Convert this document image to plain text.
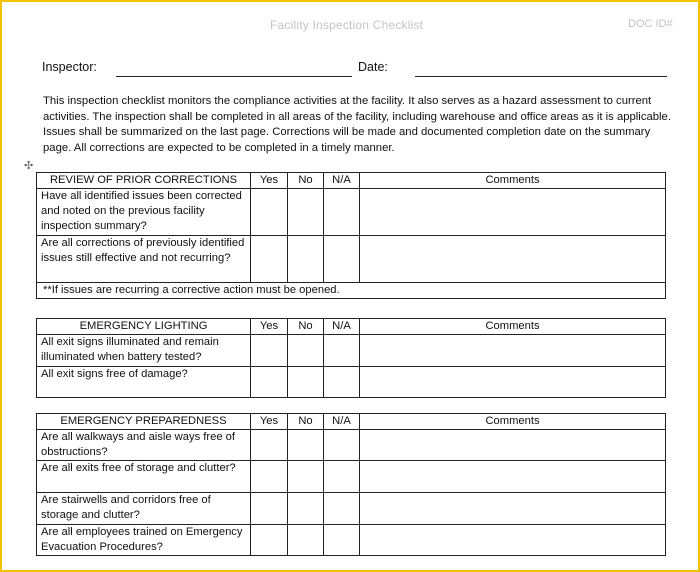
Facility Inspection Checklist	DOC ID#
Inspector:	Date:
This inspection checklist monitors the compliance activities at the facility. It also serves as a hazard assessment to current activities. The inspection shall be completed in all areas of the facility, including warehouse and office areas as it is applicable. Issues shall be summarized on the last page. Corrections will be made and documented completion date on the summary page. All corrections are expected to be completed in a timely manner.
✣
REVIEW OF PRIOR CORRECTIONS	Yes	No	N/A	Comments
Have all identified issues been corrected and noted on the previous facility inspection summary?				
Are all corrections of previously identified issues still effective and not recurring?				
**If issues are recurring a corrective action must be opened.				
EMERGENCY LIGHTING	Yes	No	N/A	Comments
All exit signs illuminated and remain illuminated when battery tested?				
All exit signs free of damage?				
EMERGENCY PREPAREDNESS	Yes	No	N/A	Comments
Are all walkways and aisle ways free of obstructions?				
Are all exits free of storage and clutter?				
Are stairwells and corridors free of storage and clutter?				
Are all employees trained on Emergency Evacuation Procedures?				
